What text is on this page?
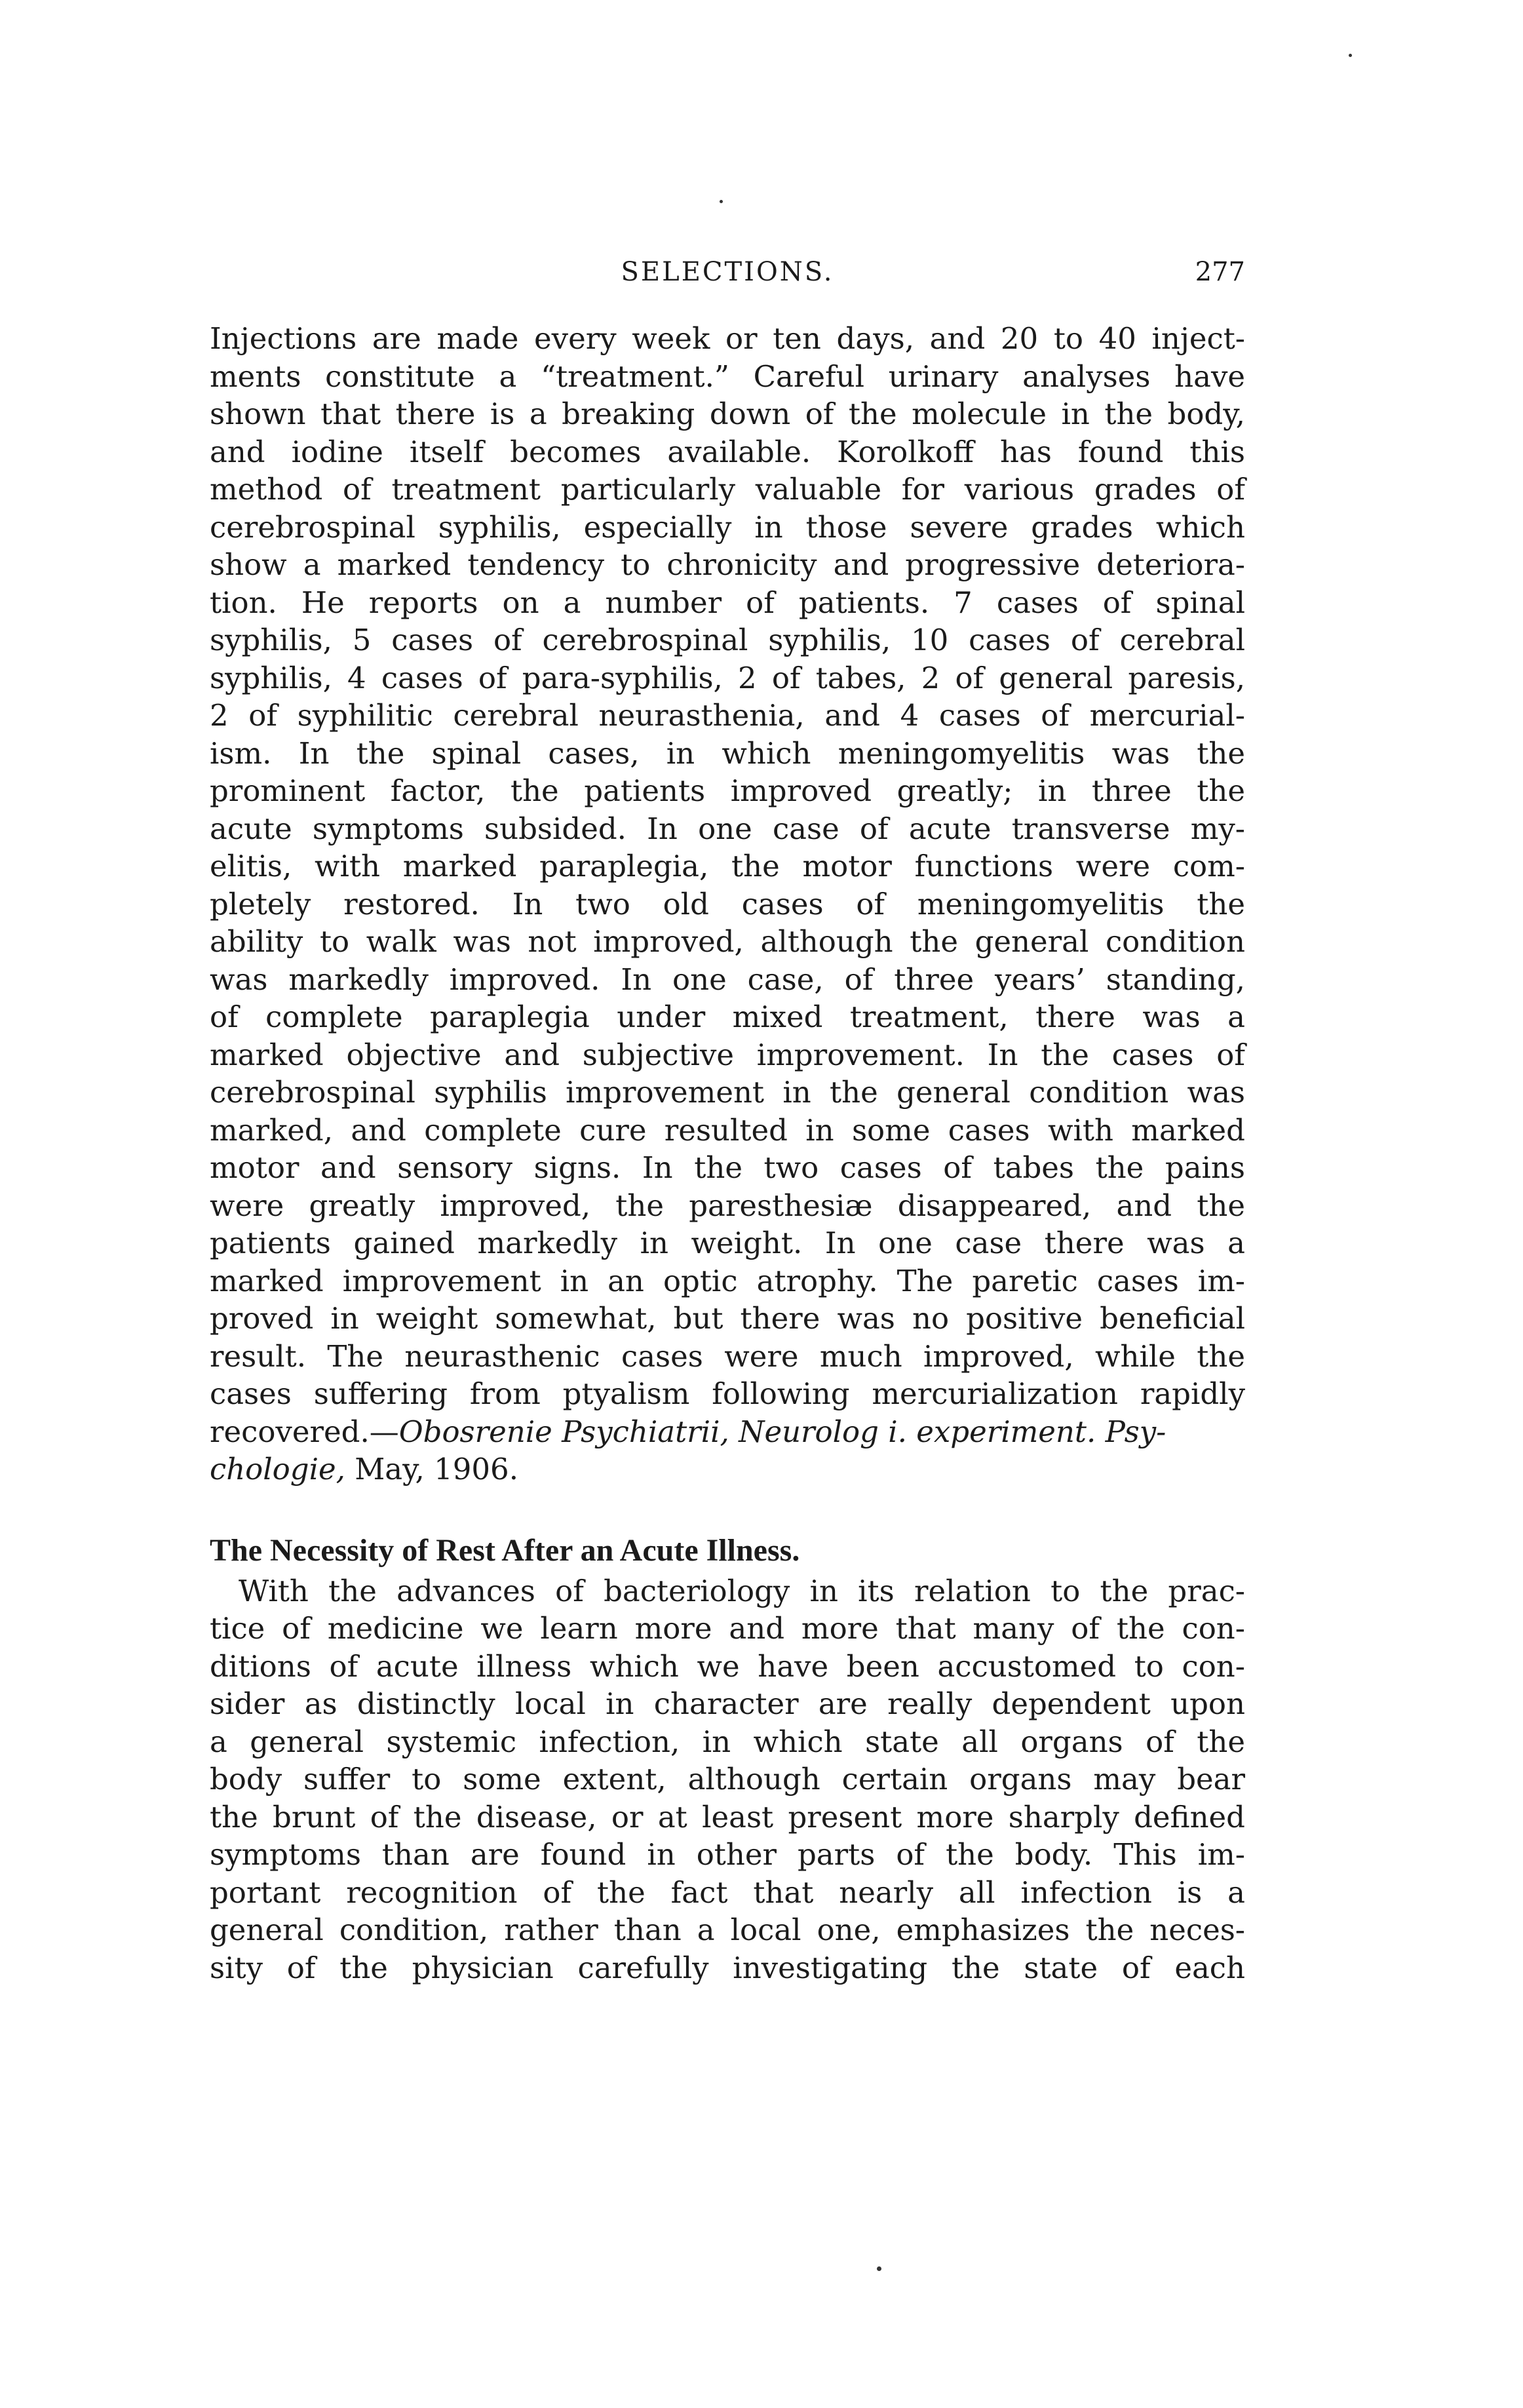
SELECTIONS.	277
Injections are made every week or ten days, and 20 to 40 inject-
ments constitute a “treatment.” Careful urinary analyses have
shown that there is a breaking down of the molecule in the body,
and iodine itself becomes available. Korolkoff has found this
method of treatment particularly valuable for various grades of
cerebrospinal syphilis, especially in those severe grades which
show a marked tendency to chronicity and progressive deteriora-
tion. He reports on a number of patients. 7 cases of spinal
syphilis, 5 cases of cerebrospinal syphilis, 10 cases of cerebral
syphilis, 4 cases of para-syphilis, 2 of tabes, 2 of general paresis,
2 of syphilitic cerebral neurasthenia, and 4 cases of mercurial-
ism. In the spinal cases, in which meningomyelitis was the
prominent factor, the patients improved greatly; in three the
acute symptoms subsided. In one case of acute transverse my-
elitis, with marked paraplegia, the motor functions were com-
pletely restored. In two old cases of meningomyelitis the
ability to walk was not improved, although the general condition
was markedly improved. In one case, of three years’ standing,
of complete paraplegia under mixed treatment, there was a
marked objective and subjective improvement. In the cases of
cerebrospinal syphilis improvement in the general condition was
marked, and complete cure resulted in some cases with marked
motor and sensory signs. In the two cases of tabes the pains
were greatly improved, the paresthesiæ disappeared, and the
patients gained markedly in weight. In one case there was a
marked improvement in an optic atrophy. The paretic cases im-
proved in weight somewhat, but there was no positive beneficial
result. The neurasthenic cases were much improved, while the
cases suffering from ptyalism following mercurialization rapidly
recovered.—Obosrenie Psychiatrii, Neurolog i. experiment. Psy-
chologie, May, 1906.
The Necessity of Rest After an Acute Illness.
With the advances of bacteriology in its relation to the prac-
tice of medicine we learn more and more that many of the con-
ditions of acute illness which we have been accustomed to con-
sider as distinctly local in character are really dependent upon
a general systemic infection, in which state all organs of the
body suffer to some extent, although certain organs may bear
the brunt of the disease, or at least present more sharply defined
symptoms than are found in other parts of the body. This im-
portant recognition of the fact that nearly all infection is a
general condition, rather than a local one, emphasizes the neces-
sity of the physician carefully investigating the state of each
